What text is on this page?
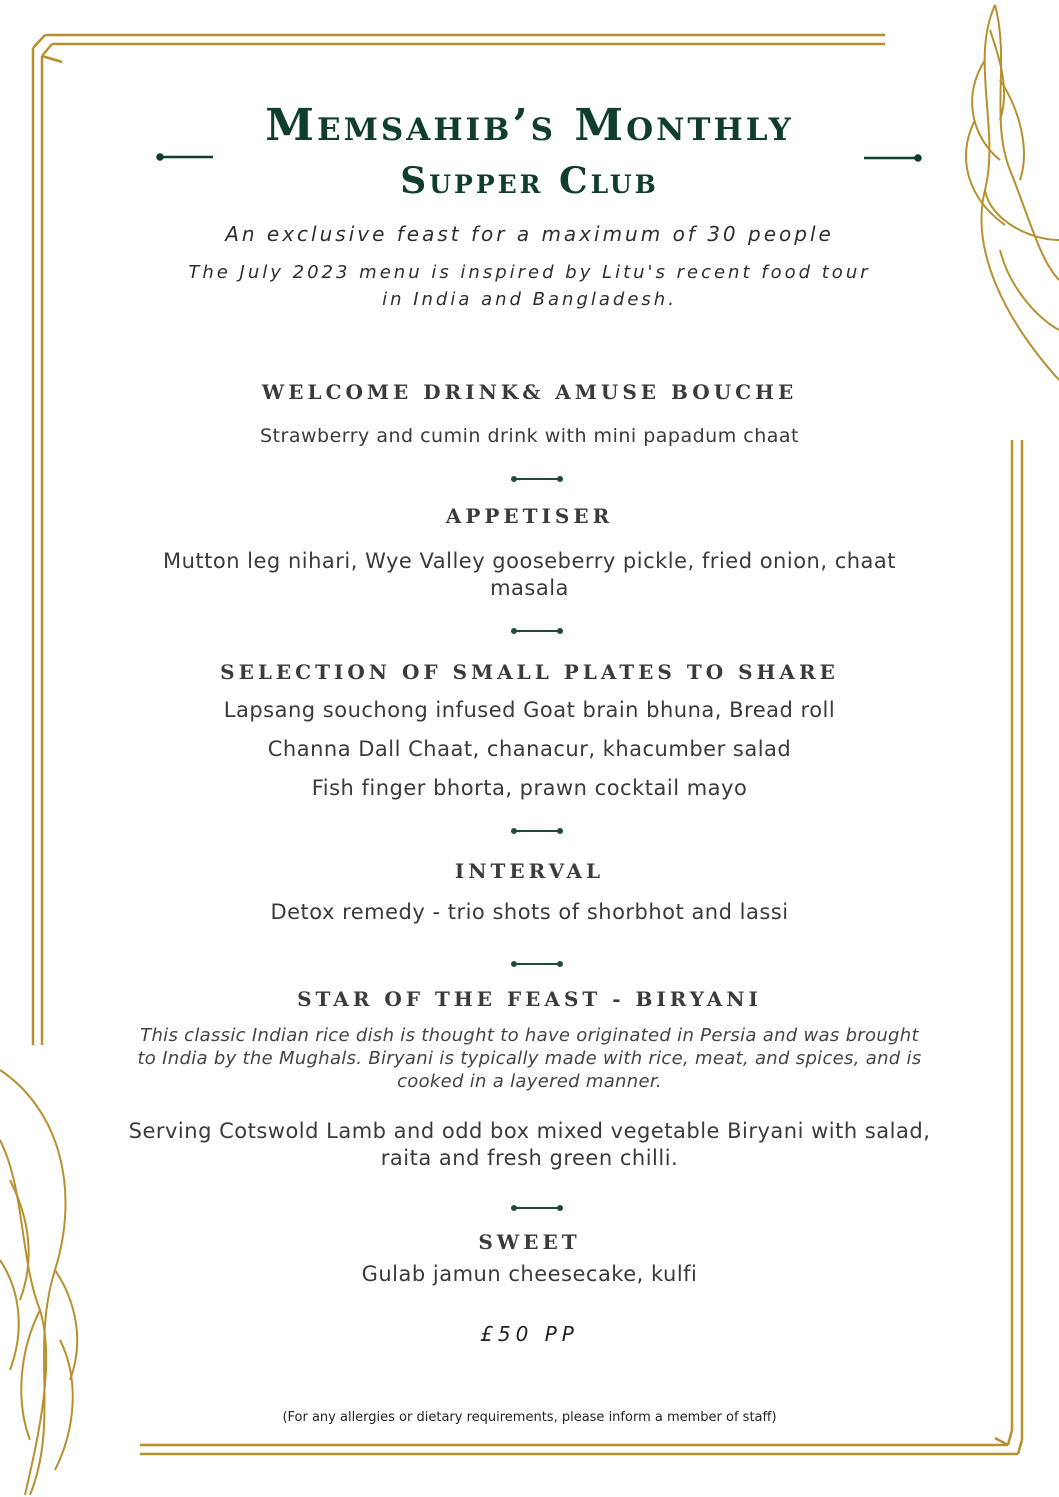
Memsahib’s Monthly
Supper Club
An exclusive feast for a maximum of 30 people
The July 2023 menu is inspired by Litu's recent food tour
in India and Bangladesh.
WELCOME DRINK& AMUSE BOUCHE
Strawberry and cumin drink with mini papadum chaat
APPETISER
Mutton leg nihari, Wye Valley gooseberry pickle, fried onion, chaat
masala
SELECTION OF SMALL PLATES TO SHARE
Lapsang souchong infused Goat brain bhuna, Bread roll
Channa Dall Chaat, chanacur, khacumber salad
Fish finger bhorta, prawn cocktail mayo
INTERVAL
Detox remedy - trio shots of shorbhot and lassi
STAR OF THE FEAST - BIRYANI
This classic Indian rice dish is thought to have originated in Persia and was brought
to India by the Mughals. Biryani is typically made with rice, meat, and spices, and is
cooked in a layered manner.
Serving Cotswold Lamb and odd box mixed vegetable Biryani with salad,
raita and fresh green chilli.
SWEET
Gulab jamun cheesecake, kulfi
£50 PP
(For any allergies or dietary requirements, please inform a member of staff)
